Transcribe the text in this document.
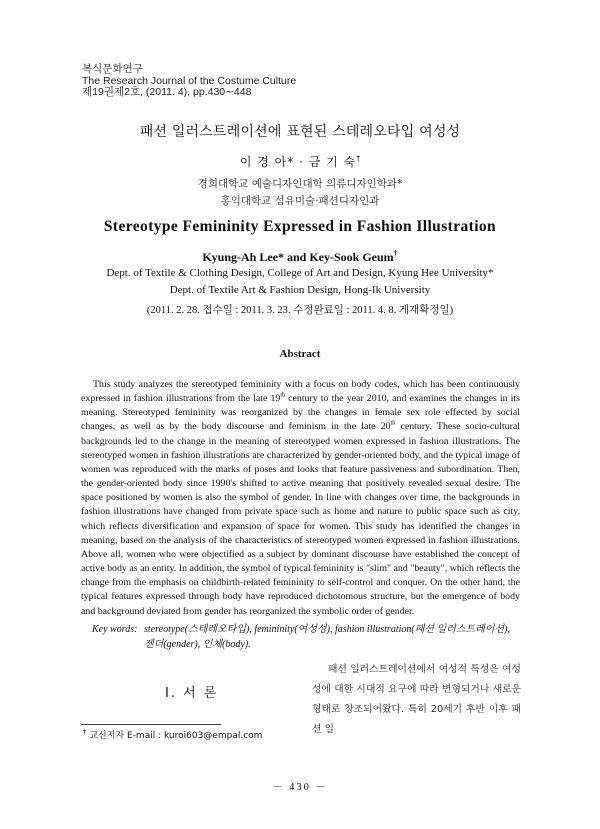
복식문화연구
The Research Journal of the Costume Culture
제19권제2호, (2011. 4), pp.430∼448
패션 일러스트레이션에 표현된 스테레오타입 여성성
이 경 아* · 금 기 숙†
경희대학교 예술디자인대학 의류디자인학과*
홍익대학교 섬유미술·패션디자인과
Stereotype Femininity Expressed in Fashion Illustration
Kyung-Ah Lee* and Key-Sook Geum†
Dept. of Textile & Clothing Design, College of Art and Design, Kyung Hee University*
Dept. of Textile Art & Fashion Design, Hong-Ik University
(2011. 2. 28. 접수일 : 2011. 3. 23. 수정완료일 : 2011. 4. 8. 게재확정일)
Abstract

This study analyzes the stereotyped femininity with a focus on body codes, which has been continuously expressed in fashion illustrations from the late 19th century to the year 2010, and examines the changes in its meaning. Stereotyped femininity was reorganized by the changes in female sex role effected by social changes, as well as by the body discourse and feminism in the late 20th century. These socio-cultural backgrounds led to the change in the meaning of stereotyped women expressed in fashion illustrations. The stereotyped women in fashion illustrations are characterized by gender-oriented body, and the typical image of women was reproduced with the marks of poses and looks that feature passiveness and subordination. Then, the gender-oriented body since 1990's shifted to active meaning that positively revealed sexual desire. The space positioned by women is also the symbol of gender. In line with changes over time, the backgrounds in fashion illustrations have changed from private space such as home and nature to public space such as city, which reflects diversification and expansion of space for women. This study has identified the changes in meaning, based on the analysis of the characteristics of stereotyped women expressed in fashion illustrations. Above all, women who were objectified as a subject by dominant discourse have established the concept of active body as an entity. In addition, the symbol of typical femininity is "slim" and "beauty", which reflects the change from the emphasis on childbirth-related femininity to self-control and conquer. On the other hand, the typical features expressed through body have reproduced dichotomous structure, but the emergence of body and background deviated from gender has reorganized the symbolic order of gender.

Key words: stereotype(스테레오타입), femininity(여성성), fashion illustration(패션 일러스트레이션), 젠더(gender), 인체(body).
Ⅰ. 서 론

패션 일러스트레이션에서 여성적 특성은 여성성에 대한 시대적 요구에 따라 변형되거나 새로운 형태로 창조되어왔다. 특히 20세기 후반 이후 패션 일

† 교신저자 E-mail : kuroi603@empal.com
－ 430 －
